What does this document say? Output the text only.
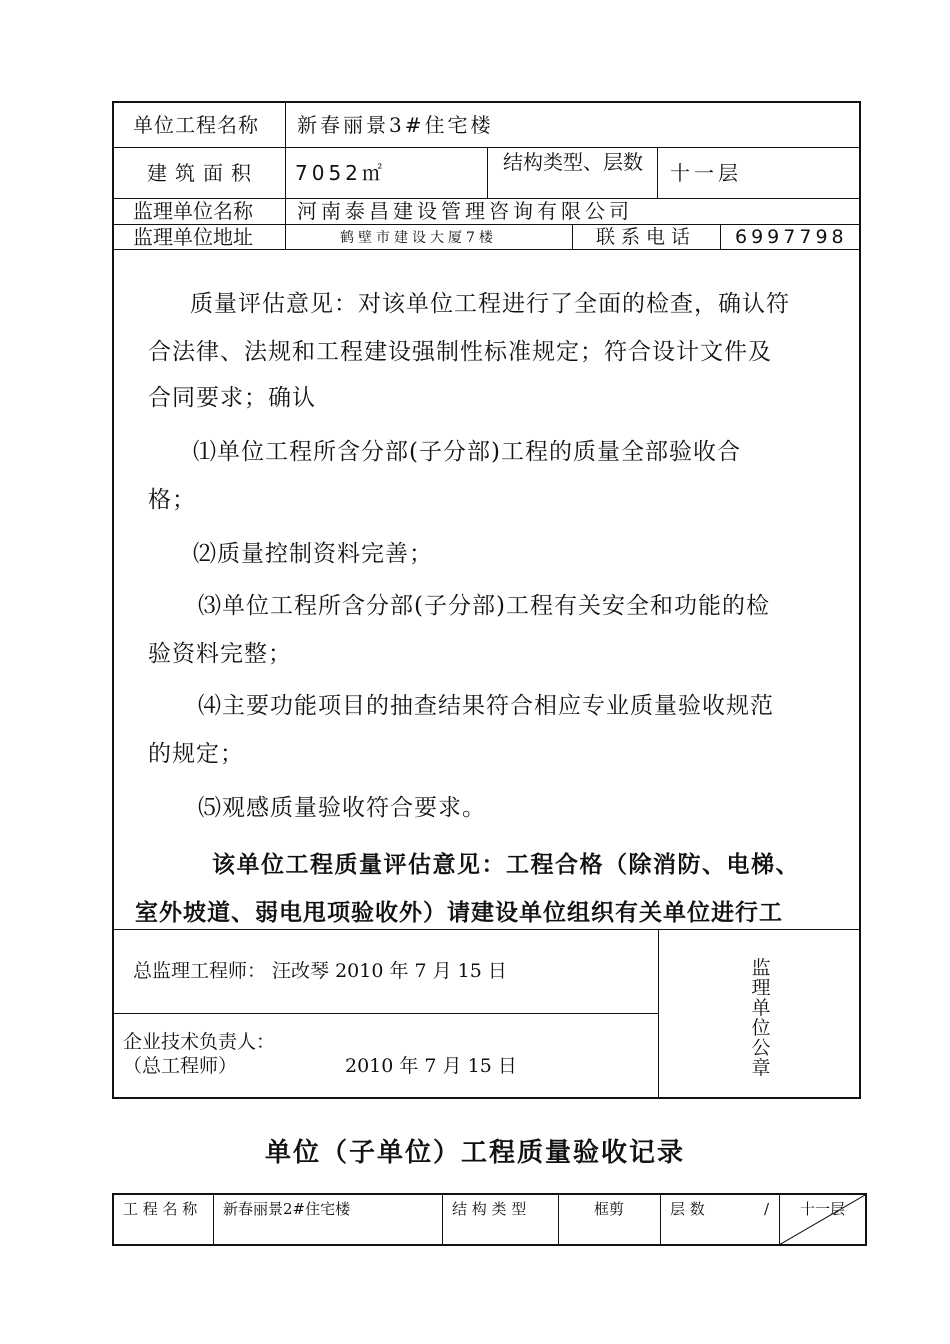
单位工程名称 新春丽景3#住宅楼
建筑面积 7052㎡	结构类型、层数 十一层
监理单位名称 河南泰昌建设管理咨询有限公司
监理单位地址	鹤壁市建设大厦7楼	联系电话 6997798
质量评估意见：对该单位工程进行了全面的检查，确认符
合法律、法规和工程建设强制性标准规定；符合设计文件及
合同要求；确认
⑴单位工程所含分部(子分部)工程的质量全部验收合
格；
⑵质量控制资料完善；
⑶单位工程所含分部(子分部)工程有关安全和功能的检
验资料完整；
⑷主要功能项目的抽查结果符合相应专业质量验收规范
的规定；
⑸观感质量验收符合要求。
该单位工程质量评估意见：工程合格（除消防、电梯、
室外坡道、弱电甩项验收外）请建设单位组织有关单位进行工
总监理工程师： 汪改琴 2010 年 7 月 15 日
企业技术负责人：
（总工程师）	2010 年 7 月 15 日
监理单位公章
单位（子单位）工程质量验收记录
工 程 名 称 新春丽景2#住宅楼	结 构 类 型	框剪	层 数	/ 十一层
